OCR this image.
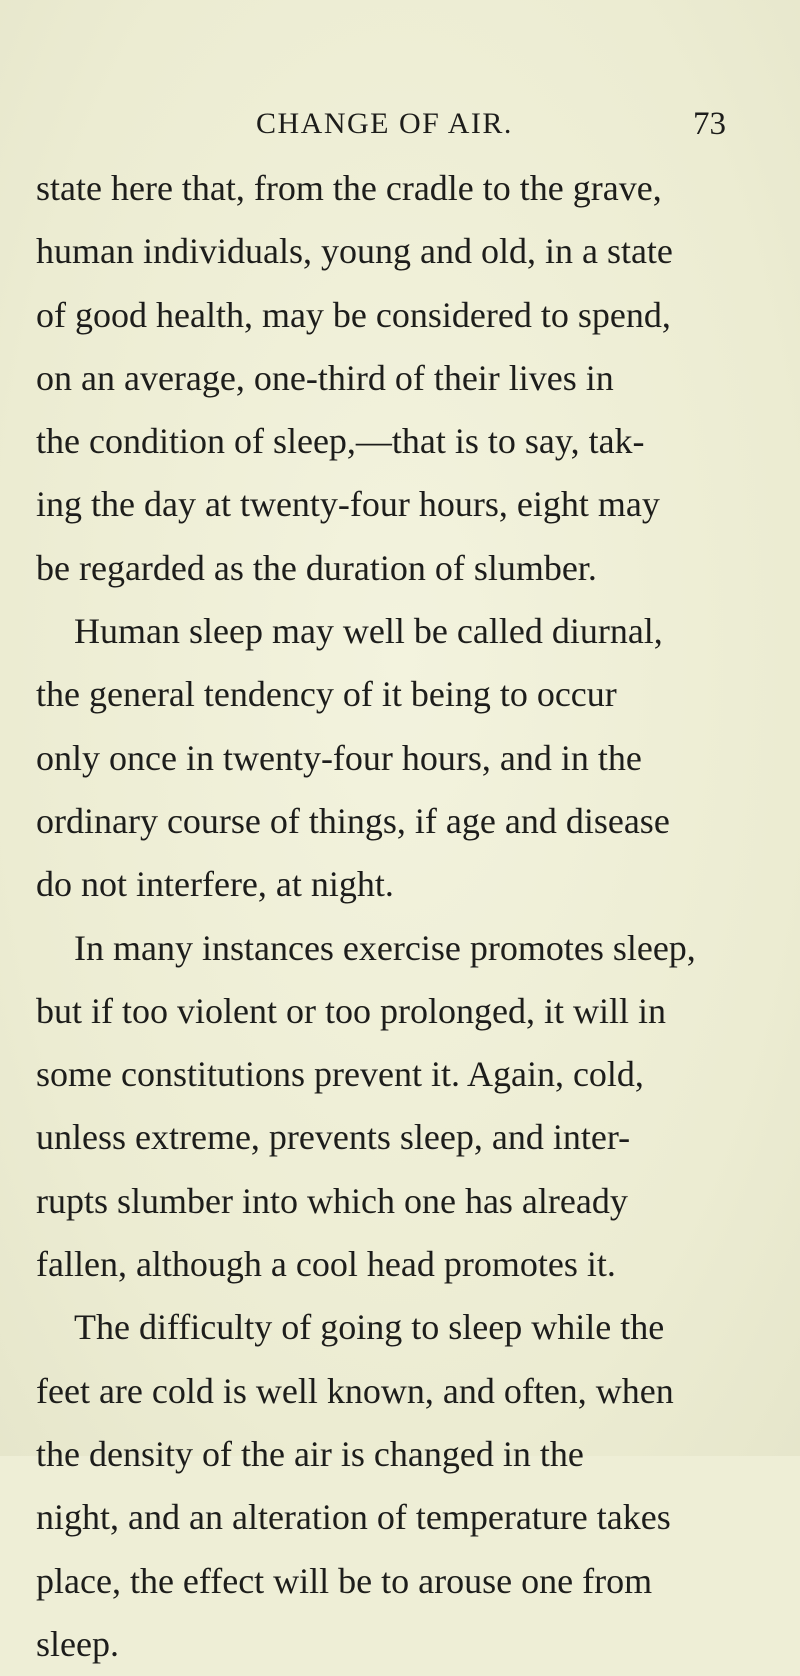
CHANGE OF AIR.	73
state here that, from the cradle to the grave,
human individuals, young and old, in a state
of good health, may be considered to spend,
on an average, one-third of their lives in
the condition of sleep,—that is to say, tak-
ing the day at twenty-four hours, eight may
be regarded as the duration of slumber.
Human sleep may well be called diurnal,
the general tendency of it being to occur
only once in twenty-four hours, and in the
ordinary course of things, if age and disease
do not interfere, at night.
In many instances exercise promotes sleep,
but if too violent or too prolonged, it will in
some constitutions prevent it. Again, cold,
unless extreme, prevents sleep, and inter-
rupts slumber into which one has already
fallen, although a cool head promotes it.
The difficulty of going to sleep while the
feet are cold is well known, and often, when
the density of the air is changed in the
night, and an alteration of temperature takes
place, the effect will be to arouse one from
sleep.
